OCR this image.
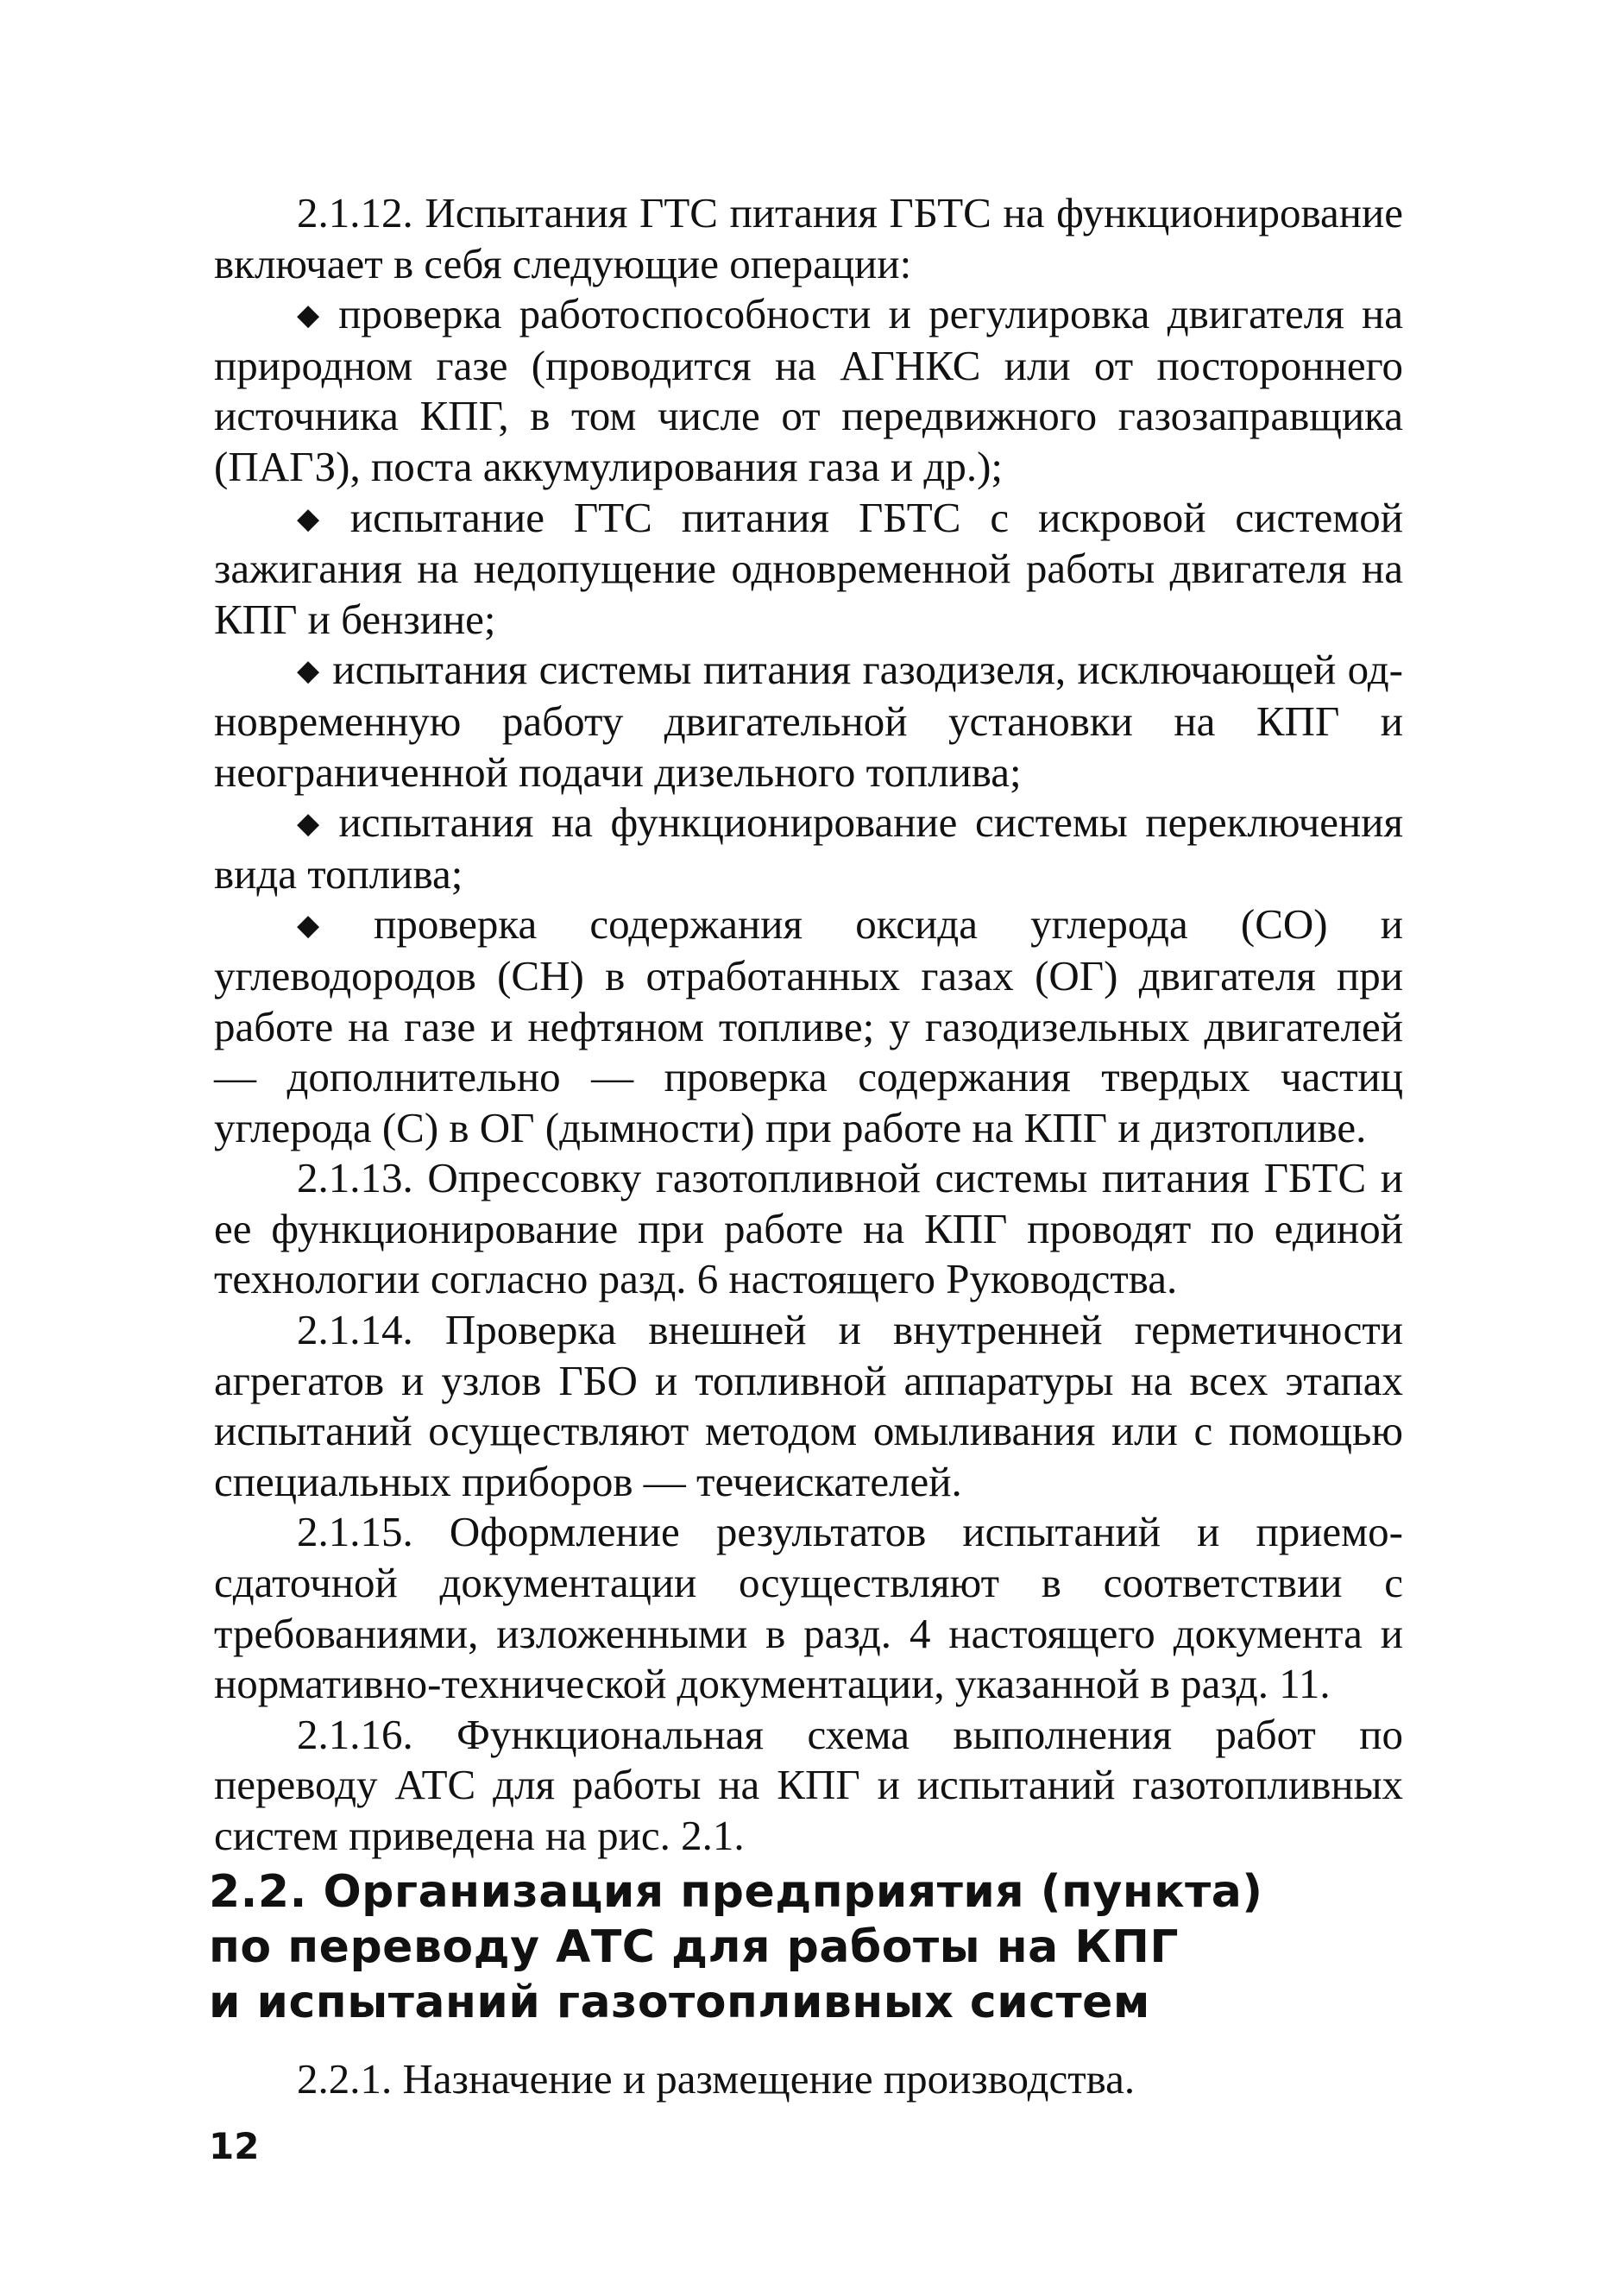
2.1.12. Испытания ГТС питания ГБТС на функционирование включает в себя следующие операции:

◆ проверка работоспособности и регулировка двигателя на природном газе (проводится на АГНКС или от постороннего источника КПГ, в том числе от передвижного газозаправщика (ПАГЗ), поста аккумулирования газа и др.);

◆ испытание ГТС питания ГБТС с искровой системой зажигания на недопущение одновременной работы двигателя на КПГ и бензине;

◆ испытания системы питания газодизеля, исключающей одновременную работу двигательной установки на КПГ и неограниченной подачи дизельного топлива;

◆ испытания на функционирование системы переключения вида топлива;

◆ проверка содержания оксида углерода (СО) и углеводородов (СН) в отработанных газах (ОГ) двигателя при работе на газе и нефтяном топливе; у газодизельных двигателей — дополнительно — проверка содержания твердых частиц углерода (С) в ОГ (дымности) при работе на КПГ и дизтопливе.

2.1.13. Опрессовку газотопливной системы питания ГБТС и ее функционирование при работе на КПГ проводят по единой технологии согласно разд. 6 настоящего Руководства.

2.1.14. Проверка внешней и внутренней герметичности агрегатов и узлов ГБО и топливной аппаратуры на всех этапах испытаний осуществляют методом омыливания или с помощью специальных приборов — течеискателей.

2.1.15. Оформление результатов испытаний и приемо-сдаточной документации осуществляют в соответствии с требованиями, изложенными в разд. 4 настоящего документа и нормативно-технической документации, указанной в разд. 11.

2.1.16. Функциональная схема выполнения работ по переводу АТС для работы на КПГ и испытаний газотопливных систем приведена на рис. 2.1.

2.2. Организация предприятия (пункта)
по переводу АТС для работы на КПГ
и испытаний газотопливных систем

2.2.1. Назначение и размещение производства.

12
